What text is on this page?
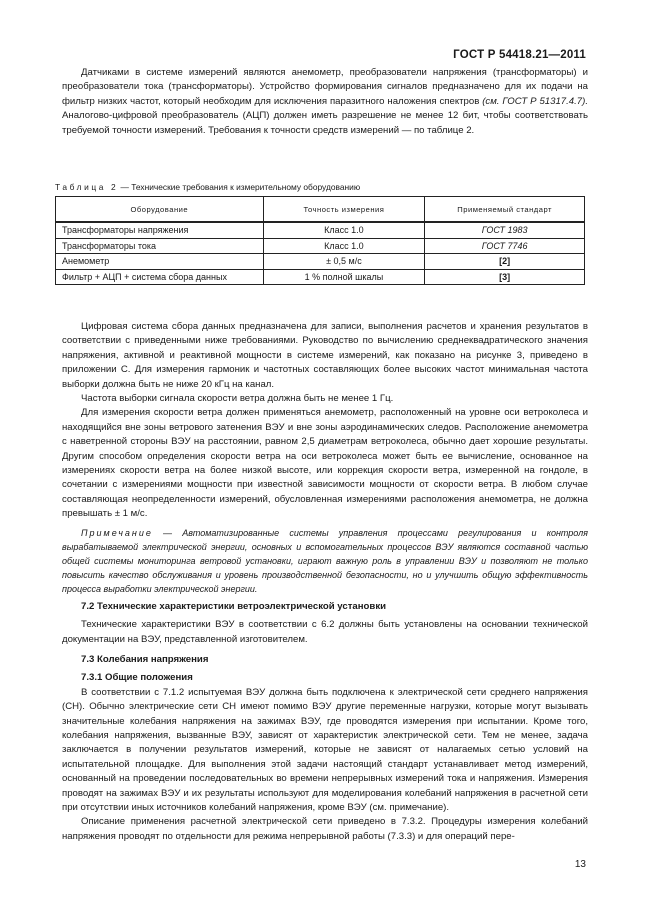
ГОСТ Р 54418.21—2011

Датчиками в системе измерений являются анемометр, преобразователи напряжения (трансформаторы) и преобразователи тока (трансформаторы). Устройство формирования сигналов предназначено для их подачи на фильтр низких частот, который необходим для исключения паразитного наложения спектров (см. ГОСТ Р 51317.4.7). Аналогово-цифровой преобразователь (АЦП) должен иметь разрешение не менее 12 бит, чтобы соответствовать требуемой точности измерений. Требования к точности средств измерений — по таблице 2.

Таблица 2 — Технические требования к измерительному оборудованию
Оборудование	Точность измерения	Применяемый стандарт
Трансформаторы напряжения	Класс 1.0	ГОСТ 1983
Трансформаторы тока	Класс 1.0	ГОСТ 7746
Анемометр	± 0,5 м/с	[2]
Фильтр + АЦП + система сбора данных	1 % полной шкалы	[3]

Цифровая система сбора данных предназначена для записи, выполнения расчетов и хранения результатов в соответствии с приведенными ниже требованиями. Руководство по вычислению среднеквадратического значения напряжения, активной и реактивной мощности в системе измерений, как показано на рисунке 3, приведено в приложении С. Для измерения гармоник и частотных составляющих более высоких частот минимальная частота выборки должна быть не ниже 20 кГц на канал.

Частота выборки сигнала скорости ветра должна быть не менее 1 Гц.

Для измерения скорости ветра должен применяться анемометр, расположенный на уровне оси ветроколеса и находящийся вне зоны ветрового затенения ВЭУ и вне зоны аэродинамических следов. Расположение анемометра с наветренной стороны ВЭУ на расстоянии, равном 2,5 диаметрам ветроколеса, обычно дает хорошие результаты. Другим способом определения скорости ветра на оси ветроколеса может быть ее вычисление, основанное на измерениях скорости ветра на более низкой высоте, или коррекция скорости ветра, измеренной на гондоле, в сочетании с измерениями мощности при известной зависимости мощности от скорости ветра. В любом случае составляющая неопределенности измерений, обусловленная измерениями расположения анемометра, не должна превышать ± 1 м/с.

Примечание — Автоматизированные системы управления процессами регулирования и контроля вырабатываемой электрической энергии, основных и вспомогательных процессов ВЭУ являются составной частью общей системы мониторинга ветровой установки, играют важную роль в управлении ВЭУ и позволяют не только повысить качество обслуживания и уровень производственной безопасности, но и улучшить общую эффективность процесса выработки электрической энергии.

7.2 Технические характеристики ветроэлектрической установки

Технические характеристики ВЭУ в соответствии с 6.2 должны быть установлены на основании технической документации на ВЭУ, представленной изготовителем.

7.3 Колебания напряжения

7.3.1 Общие положения

В соответствии с 7.1.2 испытуемая ВЭУ должна быть подключена к электрической сети среднего напряжения (СН). Обычно электрические сети СН имеют помимо ВЭУ другие переменные нагрузки, которые могут вызывать значительные колебания напряжения на зажимах ВЭУ, где проводятся измерения при испытании. Кроме того, колебания напряжения, вызванные ВЭУ, зависят от характеристик электрической сети. Тем не менее, задача заключается в получении результатов измерений, которые не зависят от налагаемых сетью условий на испытательной площадке. Для выполнения этой задачи настоящий стандарт устанавливает метод измерений, основанный на проведении последовательных во времени непрерывных измерений тока и напряжения. Измерения проводят на зажимах ВЭУ и их результаты используют для моделирования колебаний напряжения в расчетной сети при отсутствии иных источников колебаний напряжения, кроме ВЭУ (см. примечание).

Описание применения расчетной электрической сети приведено в 7.3.2. Процедуры измерения колебаний напряжения проводят по отдельности для режима непрерывной работы (7.3.3) и для операций пере-

13
